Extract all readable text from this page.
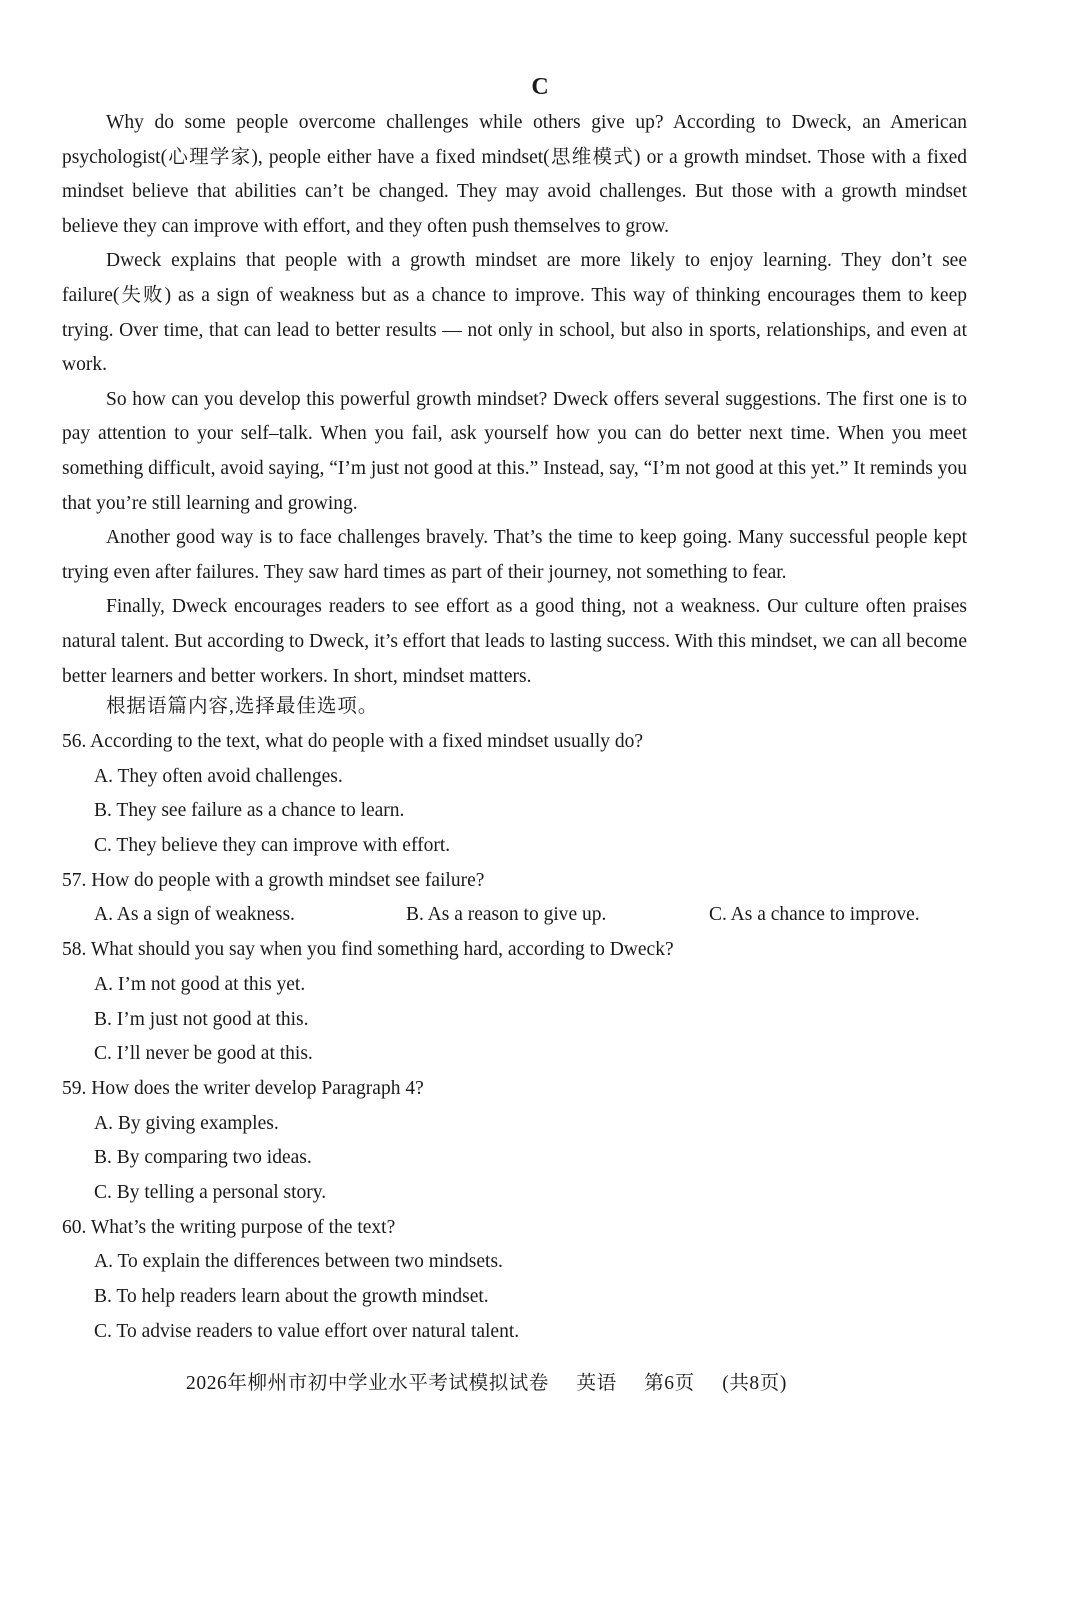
C

Why do some people overcome challenges while others give up? According to Dweck, an American psychologist(心理学家), people either have a fixed mindset(思维模式) or a growth mindset. Those with a fixed mindset believe that abilities can’t be changed. They may avoid challenges. But those with a growth mindset believe they can improve with effort, and they often push themselves to grow.

Dweck explains that people with a growth mindset are more likely to enjoy learning. They don’t see failure(失败) as a sign of weakness but as a chance to improve. This way of thinking encourages them to keep trying. Over time, that can lead to better results — not only in school, but also in sports, relationships, and even at work.

So how can you develop this powerful growth mindset? Dweck offers several suggestions. The first one is to pay attention to your self–talk. When you fail, ask yourself how you can do better next time. When you meet something difficult, avoid saying, “I’m just not good at this.” Instead, say, “I’m not good at this yet.” It reminds you that you’re still learning and growing.

Another good way is to face challenges bravely. That’s the time to keep going. Many successful people kept trying even after failures. They saw hard times as part of their journey, not something to fear.

Finally, Dweck encourages readers to see effort as a good thing, not a weakness. Our culture often praises natural talent. But according to Dweck, it’s effort that leads to lasting success. With this mindset, we can all become better learners and better workers. In short, mindset matters.

根据语篇内容,选择最佳选项。
56. According to the text, what do people with a fixed mindset usually do?
A. They often avoid challenges.
B. They see failure as a chance to learn.
C. They believe they can improve with effort.
57. How do people with a growth mindset see failure?
A. As a sign of weakness.	B. As a reason to give up.	C. As a chance to improve.
58. What should you say when you find something hard, according to Dweck?
A. I’m not good at this yet.
B. I’m just not good at this.
C. I’ll never be good at this.
59. How does the writer develop Paragraph 4?
A. By giving examples.
B. By comparing two ideas.
C. By telling a personal story.
60. What’s the writing purpose of the text?
A. To explain the differences between two mindsets.
B. To help readers learn about the growth mindset.
C. To advise readers to value effort over natural talent.
2026年柳州市初中学业水平考试模拟试卷 英语 第6页 (共8页)
